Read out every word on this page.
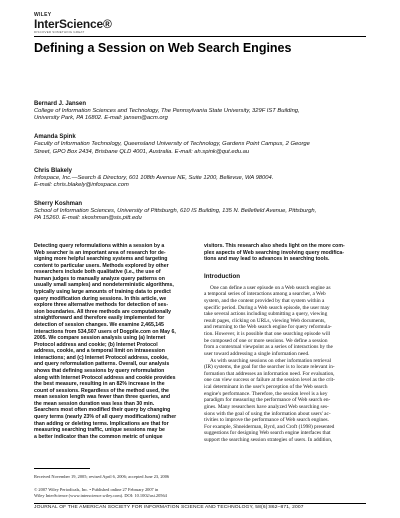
WILEY
InterScience®
DISCOVER SOMETHING GREAT
Defining a Session on Web Search Engines
Bernard J. Jansen
College of Information Sciences and Technology, The Pennsylvania State University, 329F IST Building,
University Park, PA 16802. E-mail: jansen@acm.org
Amanda Spink
Faculty of Information Technology, Queensland University of Technology, Gardens Point Campus, 2 George
Street, GPO Box 2434, Brisbane QLD 4001, Australia. E-mail: ah.spink@qut.edu.au
Chris Blakely
Infospace, Inc.—Search & Directory, 601 108th Avenue NE, Suite 1200, Bellevue, WA 98004.
E-mail: chris.blakely@infospace.com
Sherry Koshman
School of Information Sciences, University of Pittsburgh, 610 IS Building, 135 N. Bellefield Avenue, Pittsburgh,
PA 15260. E-mail: skoshman@sis.pitt.edu

Detecting query reformulations within a session by a
Web searcher is an important area of research for de-
signing more helpful searching systems and targeting
content to particular users. Methods explored by other
researchers include both qualitative (i.e., the use of
human judges to manually analyze query patterns on
usually small samples) and nondeterministic algorithms,
typically using large amounts of training data to predict
query modification during sessions. In this article, we
explore three alternative methods for detection of ses-
sion boundaries. All three methods are computationally
straightforward and therefore easily implemented for
detection of session changes. We examine 2,465,145
interactions from 534,507 users of Dogpile.com on May 6,
2005. We compare session analysis using (a) Internet
Protocol address and cookie; (b) Internet Protocol
address, cookie, and a temporal limit on intrasession
interactions; and (c) Internet Protocol address, cookie,
and query reformulation patterns. Overall, our analysis
shows that defining sessions by query reformulation
along with Internet Protocol address and cookie provides
the best measure, resulting in an 82% increase in the
count of sessions. Regardless of the method used, the
mean session length was fewer than three queries, and
the mean session duration was less than 30 min.
Searchers most often modified their query by changing
query terms (nearly 23% of all query modifications) rather
than adding or deleting terms. Implications are that for
measuring searching traffic, unique sessions may be
a better indicator than the common metric of unique

visitors. This research also sheds light on the more com-
plex aspects of Web searching involving query modifica-
tions and may lead to advances in searching tools.

Introduction

One can define a user episode on a Web search engine as
a temporal series of interactions among a searcher, a Web
system, and the content provided by that system within a
specific period. During a Web search episode, the user may
take several actions including submitting a query, viewing
result pages, clicking on URLs, viewing Web documents,
and returning to the Web search engine for query reformula-
tion. However, it is possible that one searching episode will
be composed of one or more sessions. We define a session
from a contextual viewpoint as a series of interactions by the
user toward addressing a single information need.

As with searching sessions on other information retrieval
(IR) systems, the goal for the searcher is to locate relevant in-
formation that addresses an information need. For evaluation,
one can view success or failure at the session level as the crit-
ical determinant in the user's perception of the Web search
engine's performance. Therefore, the session level is a key
paradigm for measuring the performance of Web search en-
gines. Many researchers have analyzed Web searching ses-
sions with the goal of using the information about users' ac-
tivities to improve the performance of Web search engines.
For example, Shneiderman, Byrd, and Croft (1998) presented
suggestions for designing Web search engine interfaces that
support the searching session strategies of users. In addition,

Received November 19, 2005; revised April 6, 2006; accepted June 23, 2006

© 2007 Wiley Periodicals, Inc. • Published online 27 February 2007 in
Wiley InterScience (www.interscience.wiley.com). DOI: 10.1002/asi.20564

JOURNAL OF THE AMERICAN SOCIETY FOR INFORMATION SCIENCE AND TECHNOLOGY, 58(6):862–871, 2007
